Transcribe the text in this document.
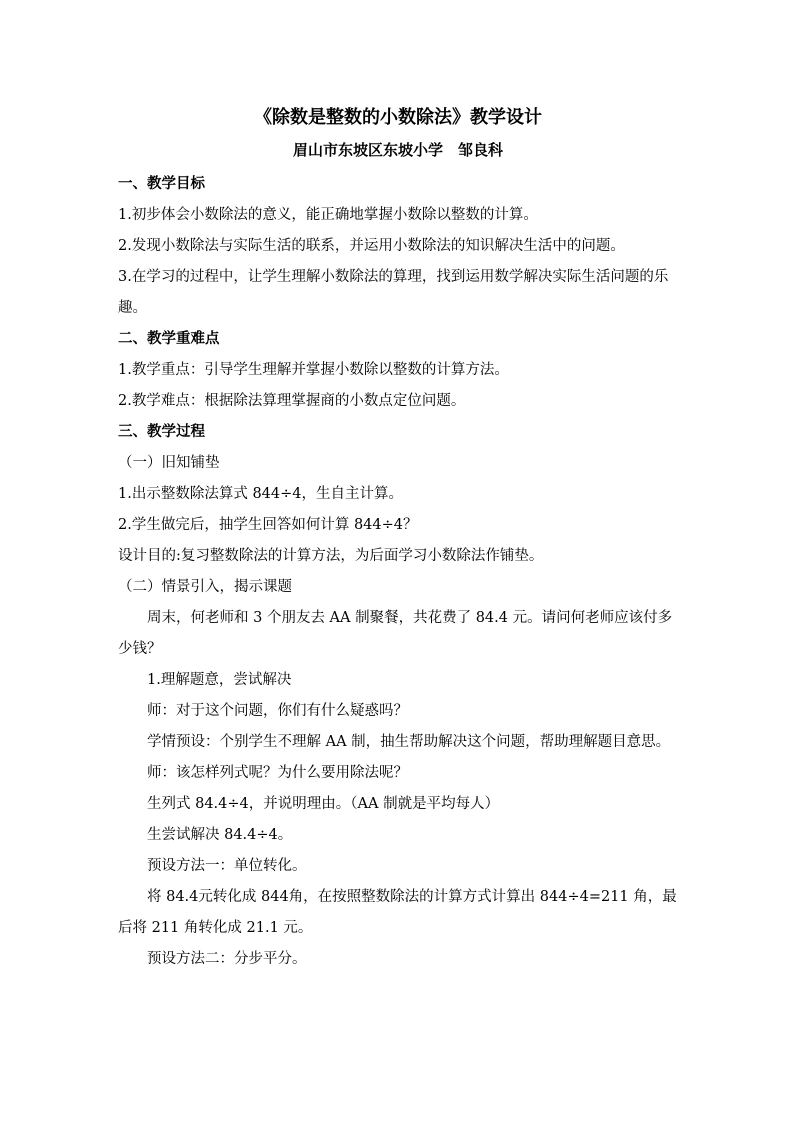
《除数是整数的小数除法》教学设计
眉山市东坡区东坡小学　邹良科

一、教学目标

1.初步体会小数除法的意义，能正确地掌握小数除以整数的计算。

2.发现小数除法与实际生活的联系，并运用小数除法的知识解决生活中的问题。

3.在学习的过程中，让学生理解小数除法的算理，找到运用数学解决实际生活问题的乐趣。

二、教学重难点

1.教学重点：引导学生理解并掌握小数除以整数的计算方法。

2.教学难点：根据除法算理掌握商的小数点定位问题。

三、教学过程

（一）旧知铺垫

1.出示整数除法算式 844÷4，生自主计算。

2.学生做完后，抽学生回答如何计算 844÷4？

设计目的:复习整数除法的计算方法，为后面学习小数除法作铺垫。

（二）情景引入，揭示课题

周末，何老师和 3 个朋友去 AA 制聚餐，共花费了 84.4 元。请问何老师应该付多少钱？

1.理解题意，尝试解决

师：对于这个问题，你们有什么疑惑吗？

学情预设：个别学生不理解 AA 制，抽生帮助解决这个问题，帮助理解题目意思。

师：该怎样列式呢？为什么要用除法呢？

生列式 84.4÷4，并说明理由。（AA 制就是平均每人）

生尝试解决 84.4÷4。

预设方法一：单位转化。

将 84.4元转化成 844角，在按照整数除法的计算方式计算出 844÷4=211 角，最后将 211 角转化成 21.1 元。

预设方法二：分步平分。
